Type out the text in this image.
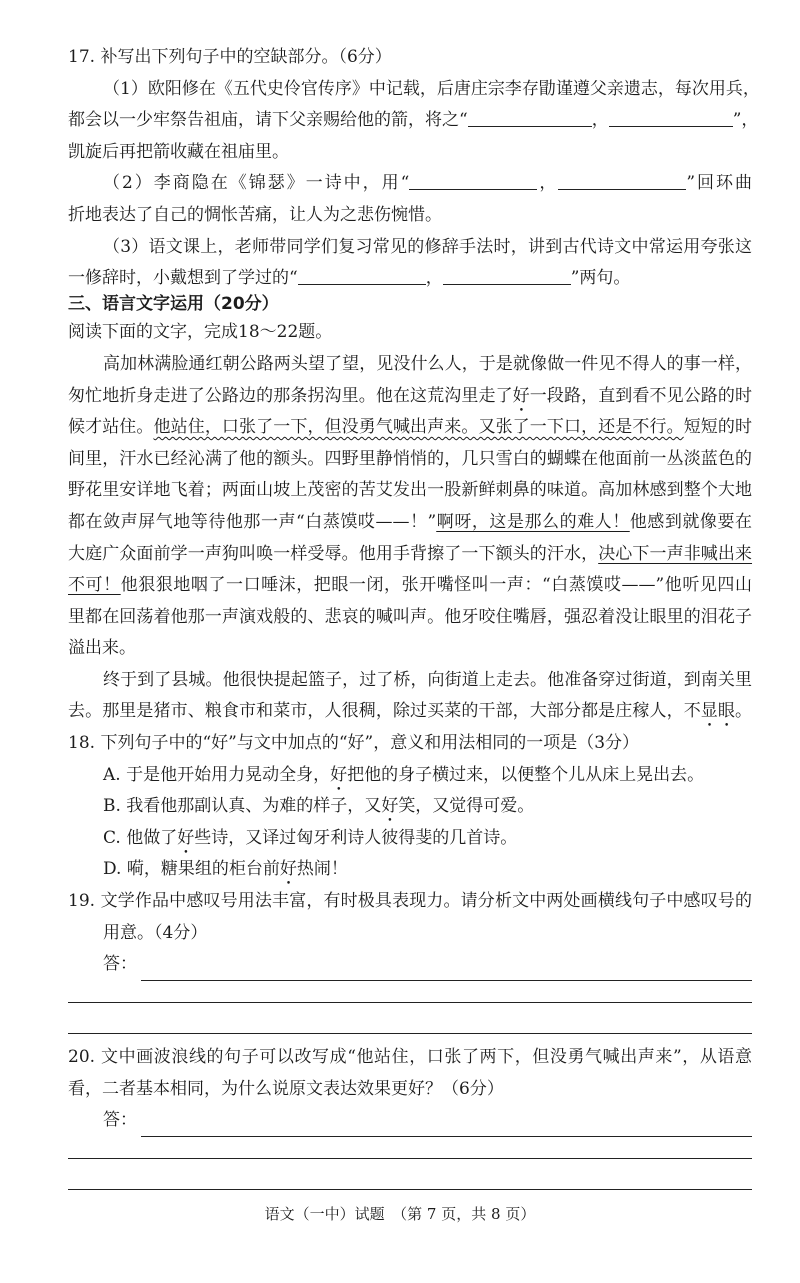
17. 补写出下列句子中的空缺部分。（6分）
（1）欧阳修在《五代史伶官传序》中记载，后唐庄宗李存勖谨遵父亲遗志，每次用兵，
都会以一少牢祭告祖庙，请下父亲赐给他的箭，将之“	，	”，
凯旋后再把箭收藏在祖庙里。
（2）李商隐在《锦瑟》一诗中，用“	，	”回环曲
折地表达了自己的惆怅苦痛，让人为之悲伤惋惜。
（3）语文课上，老师带同学们复习常见的修辞手法时，讲到古代诗文中常运用夸张这
一修辞时，小戴想到了学过的“	，	”两句。
三、语言文字运用（20分）
阅读下面的文字，完成18～22题。
高加林满脸通红朝公路两头望了望，见没什么人，于是就像做一件见不得人的事一样，
匆忙地折身走进了公路边的那条拐沟里。他在这荒沟里走了好一段路，直到看不见公路的时
候才站住。他站住，口张了一下，但没勇气喊出声来。又张了一下口，还是不行。短短的时
间里，汗水已经沁满了他的额头。四野里静悄悄的，几只雪白的蝴蝶在他面前一丛淡蓝色的
野花里安详地飞着；两面山坡上茂密的苦艾发出一股新鲜刺鼻的味道。高加林感到整个大地
都在敛声屏气地等待他那一声“白蒸馍哎——！”啊呀，这是那么的难人！他感到就像要在
大庭广众面前学一声狗叫唤一样受辱。他用手背擦了一下额头的汗水，决心下一声非喊出来
不可！他狠狠地咽了一口唾沫，把眼一闭，张开嘴怪叫一声：“白蒸馍哎——”他听见四山
里都在回荡着他那一声演戏般的、悲哀的喊叫声。他牙咬住嘴唇，强忍着没让眼里的泪花子
溢出来。
终于到了县城。他很快提起篮子，过了桥，向街道上走去。他准备穿过街道，到南关里
去。那里是猪市、粮食市和菜市，人很稠，除过买菜的干部，大部分都是庄稼人，不显眼。
18. 下列句子中的“好”与文中加点的“好”，意义和用法相同的一项是（3分）
A. 于是他开始用力晃动全身，好把他的身子横过来，以便整个儿从床上晃出去。
B. 我看他那副认真、为难的样子，又好笑，又觉得可爱。
C. 他做了好些诗，又译过匈牙利诗人彼得斐的几首诗。
D. 嗬，糖果组的柜台前好热闹！
19. 文学作品中感叹号用法丰富，有时极具表现力。请分析文中两处画横线句子中感叹号的
用意。（4分）
答：
20. 文中画波浪线的句子可以改写成“他站住，口张了两下，但没勇气喊出声来”，从语意
看，二者基本相同，为什么说原文表达效果更好？（6分）
答：
语文（一中）试题　（第 7 页，共 8 页）
